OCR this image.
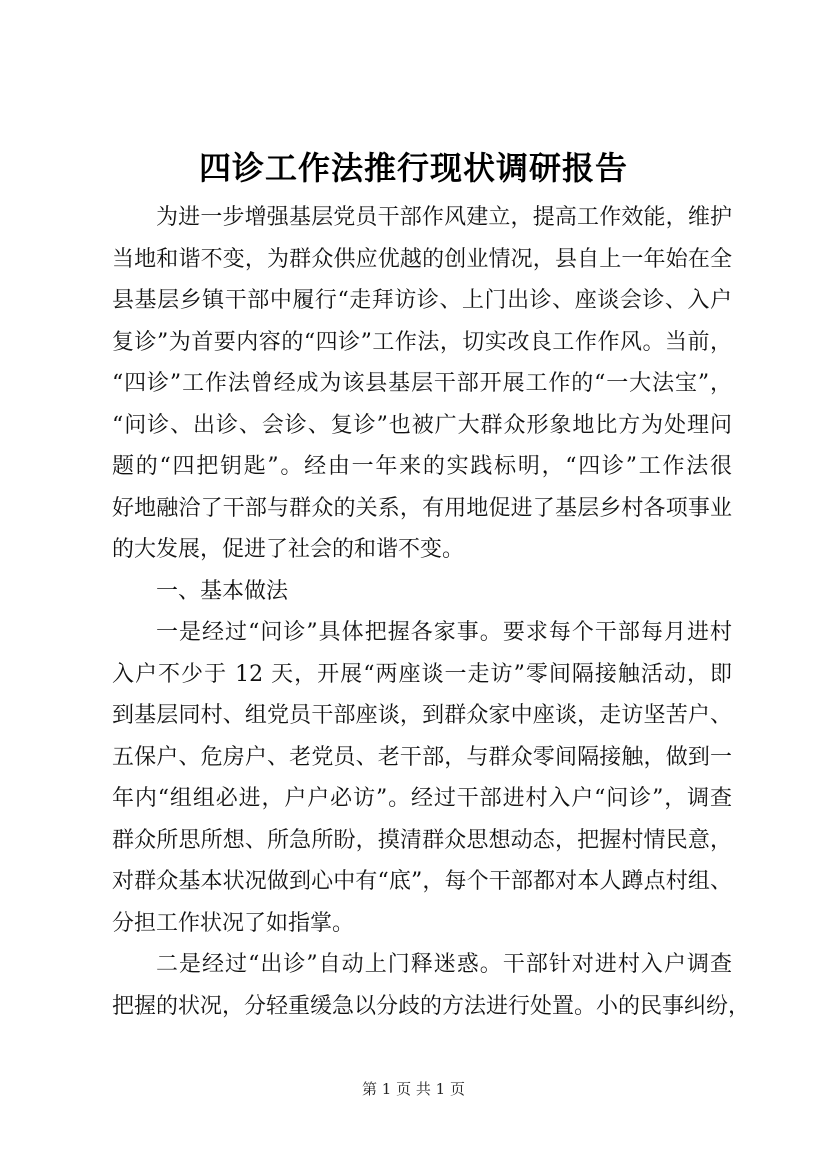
四诊工作法推行现状调研报告
为进一步增强基层党员干部作风建立，提高工作效能，维护
当地和谐不变，为群众供应优越的创业情况，县自上一年始在全
县基层乡镇干部中履行“走拜访诊、上门出诊、座谈会诊、入户
复诊”为首要内容的“四诊”工作法，切实改良工作作风。当前，
“四诊”工作法曾经成为该县基层干部开展工作的“一大法宝”，
“问诊、出诊、会诊、复诊”也被广大群众形象地比方为处理问
题的“四把钥匙”。经由一年来的实践标明，“四诊”工作法很
好地融洽了干部与群众的关系，有用地促进了基层乡村各项事业
的大发展，促进了社会的和谐不变。
一、基本做法
一是经过“问诊”具体把握各家事。要求每个干部每月进村
入户不少于 12 天，开展“两座谈一走访”零间隔接触活动，即
到基层同村、组党员干部座谈，到群众家中座谈，走访坚苦户、
五保户、危房户、老党员、老干部，与群众零间隔接触，做到一
年内“组组必进，户户必访”。经过干部进村入户“问诊”，调查
群众所思所想、所急所盼，摸清群众思想动态，把握村情民意，
对群众基本状况做到心中有“底”，每个干部都对本人蹲点村组、
分担工作状况了如指掌。
二是经过“出诊”自动上门释迷惑。干部针对进村入户调查
把握的状况，分轻重缓急以分歧的方法进行处置。小的民事纠纷，
第 1 页 共 1 页
